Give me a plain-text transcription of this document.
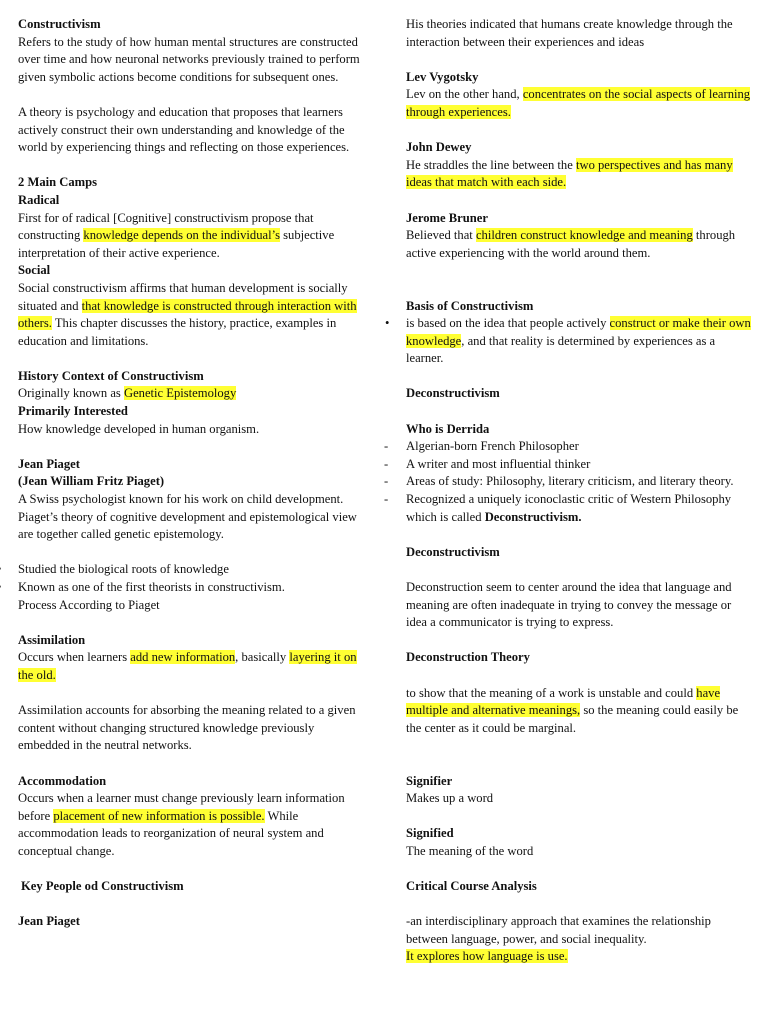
Constructivism

Refers to the study of how human mental structures are constructed over time and how neuronal networks previously trained to perform given symbolic actions become conditions for subsequent ones.

A theory is psychology and education that proposes that learners actively construct their own understanding and knowledge of the world by experiencing things and reflecting on those experiences.

2 Main Camps

Radical

First for of radical [Cognitive] constructivism propose that constructing knowledge depends on the individual’s subjective interpretation of their active experience.

Social

Social constructivism affirms that human development is socially situated and that knowledge is constructed through interaction with others. This chapter discusses the history, practice, examples in education and limitations.

History Context of Constructivism

Originally known as Genetic Epistemology

Primarily Interested

How knowledge developed in human organism.

Jean Piaget

(Jean William Fritz Piaget)

A Swiss psychologist known for his work on child development. Piaget’s theory of cognitive development and epistemological view are together called genetic epistemology.

Studied the biological roots of knowledge

Known as one of the first theorists in constructivism.

Process According to Piaget

Assimilation

Occurs when learners add new information, basically layering it on the old.

Assimilation accounts for absorbing the meaning related to a given content without changing structured knowledge previously embedded in the neutral networks.

Accommodation

Occurs when a learner must change previously learn information before placement of new information is possible. While accommodation leads to reorganization of neural system and conceptual change.

Key People od Constructivism

Jean Piaget

His theories indicated that humans create knowledge through the interaction between their experiences and ideas

Lev Vygotsky

Lev on the other hand, concentrates on the social aspects of learning through experiences.

John Dewey

He straddles the line between the two perspectives and has many ideas that match with each side.

Jerome Bruner

Believed that children construct knowledge and meaning through active experiencing with the world around them.

Basis of Constructivism

• is based on the idea that people actively construct or make their own knowledge, and that reality is determined by experiences as a learner.

Deconstructivism

Who is Derrida

- Algerian-born French Philosopher

- A writer and most influential thinker

- Areas of study: Philosophy, literary criticism, and literary theory.

- Recognized a uniquely iconoclastic critic of Western Philosophy which is called Deconstructivism.

Deconstructivism

Deconstruction seem to center around the idea that language and meaning are often inadequate in trying to convey the message or idea a communicator is trying to express.

Deconstruction Theory

to show that the meaning of a work is unstable and could have multiple and alternative meanings, so the meaning could easily be the center as it could be marginal.

Signifier

Makes up a word

Signified

The meaning of the word

Critical Course Analysis

-an interdisciplinary approach that examines the relationship between language, power, and social inequality.

It explores how language is use.
